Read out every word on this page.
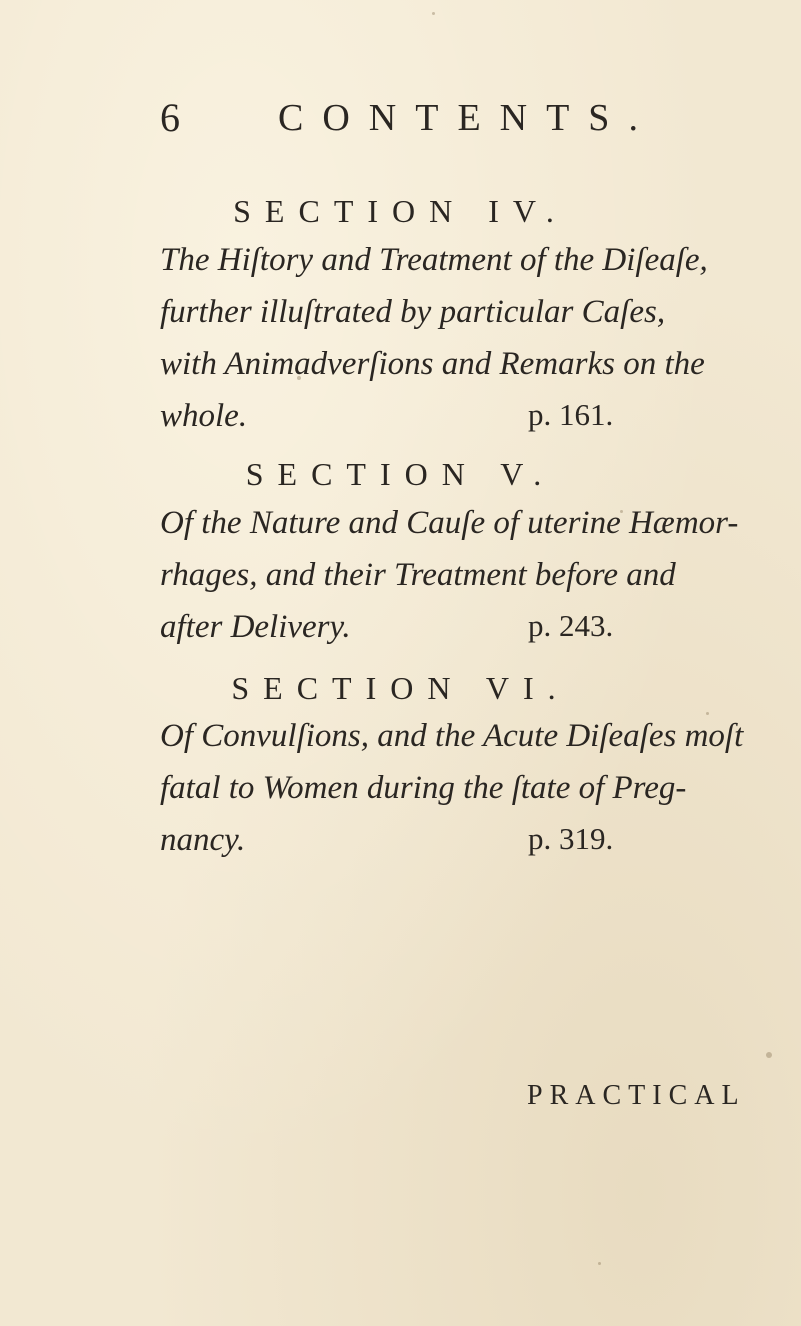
6	CONTENTS.
SECTION IV.
The Hiſtory and Treatment of the Diſeaſe,
further illuſtrated by particular Caſes,
with Animadverſions and Remarks on the
whole.	p. 161.
SECTION V.
Of the Nature and Cauſe of uterine Hæmor-
rhages, and their Treatment before and
after Delivery.	p. 243.
SECTION VI.
Of Convulſions, and the Acute Diſeaſes moſt
fatal to Women during the ſtate of Preg-
nancy.	p. 319.
PRACTICAL
